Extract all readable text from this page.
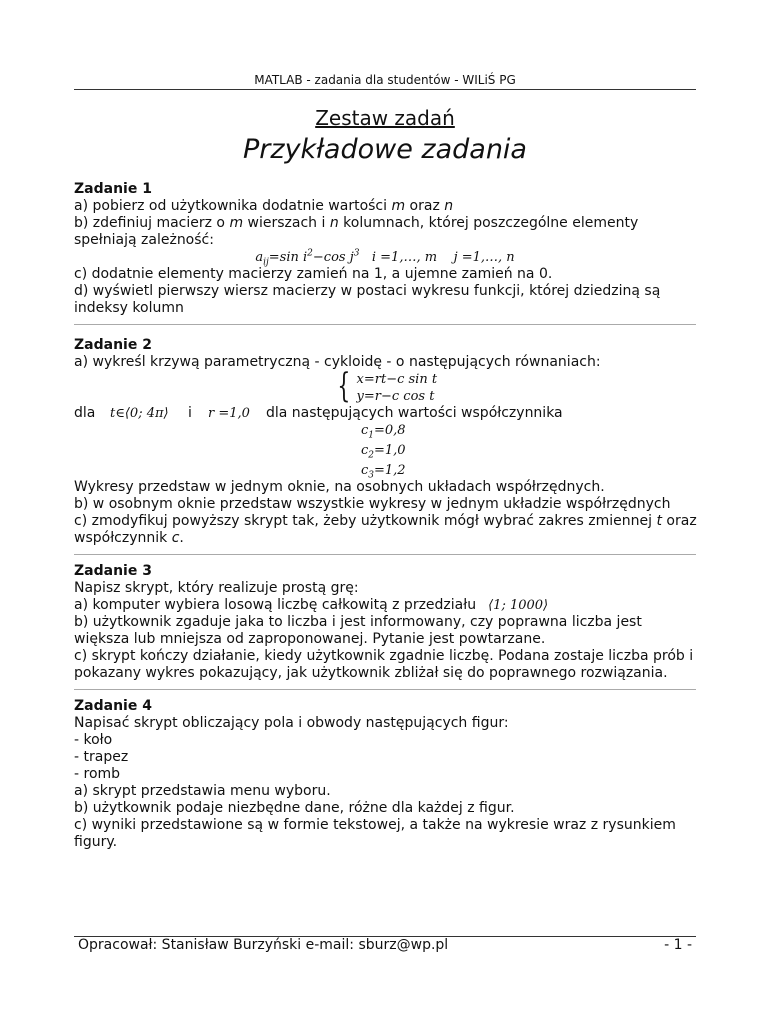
MATLAB - zadania dla studentów - WILiŚ PG
Zestaw zadań
Przykładowe zadania
Zadanie 1
a) pobierz od użytkownika dodatnie wartości m oraz n
b) zdefiniuj macierz o m wierszach i n kolumnach, której poszczególne elementy
spełniają zależność:
$a_{ij}=\sin$ $i^2-\cos$ $j^3$   i =1,…, m    j =1,…, n
c) dodatnie elementy macierzy zamień na 1, a ujemne zamień na 0.
d) wyświetl pierwszy wiersz macierzy w postaci wykresu funkcji, której dziedziną są
indeksy kolumn
Zadanie 2
a) wykreśl krzywą parametryczną - cykloidę - o następujących równaniach:
{ x=rt−c sin t
y=r−c cos t
dla t∈⟨0; 4π⟩ i r =1,0 dla następujących wartości współczynnika
$c_1=0,8$
$c_2=1,0$
$c_3=1,2$
Wykresy przedstaw w jednym oknie, na osobnych układach współrzędnych.
b) w osobnym oknie przedstaw wszystkie wykresy w jednym układzie współrzędnych
c) zmodyfikuj powyższy skrypt tak, żeby użytkownik mógł wybrać zakres zmiennej t oraz
współczynnik c.
Zadanie 3
Napisz skrypt, który realizuje prostą grę:
a) komputer wybiera losową liczbę całkowitą z przedziału ⟨1; 1000⟩
b) użytkownik zgaduje jaka to liczba i jest informowany, czy poprawna liczba jest
większa lub mniejsza od zaproponowanej. Pytanie jest powtarzane.
c) skrypt kończy działanie, kiedy użytkownik zgadnie liczbę. Podana zostaje liczba prób i
pokazany wykres pokazujący, jak użytkownik zbliżał się do poprawnego rozwiązania.
Zadanie 4
Napisać skrypt obliczający pola i obwody następujących figur:
- koło
- trapez
- romb
a) skrypt przedstawia menu wyboru.
b) użytkownik podaje niezbędne dane, różne dla każdej z figur.
c) wyniki przedstawione są w formie tekstowej, a także na wykresie wraz z rysunkiem
figury.
Opracował: Stanisław Burzyński e-mail: sburz@wp.pl	- 1 -
